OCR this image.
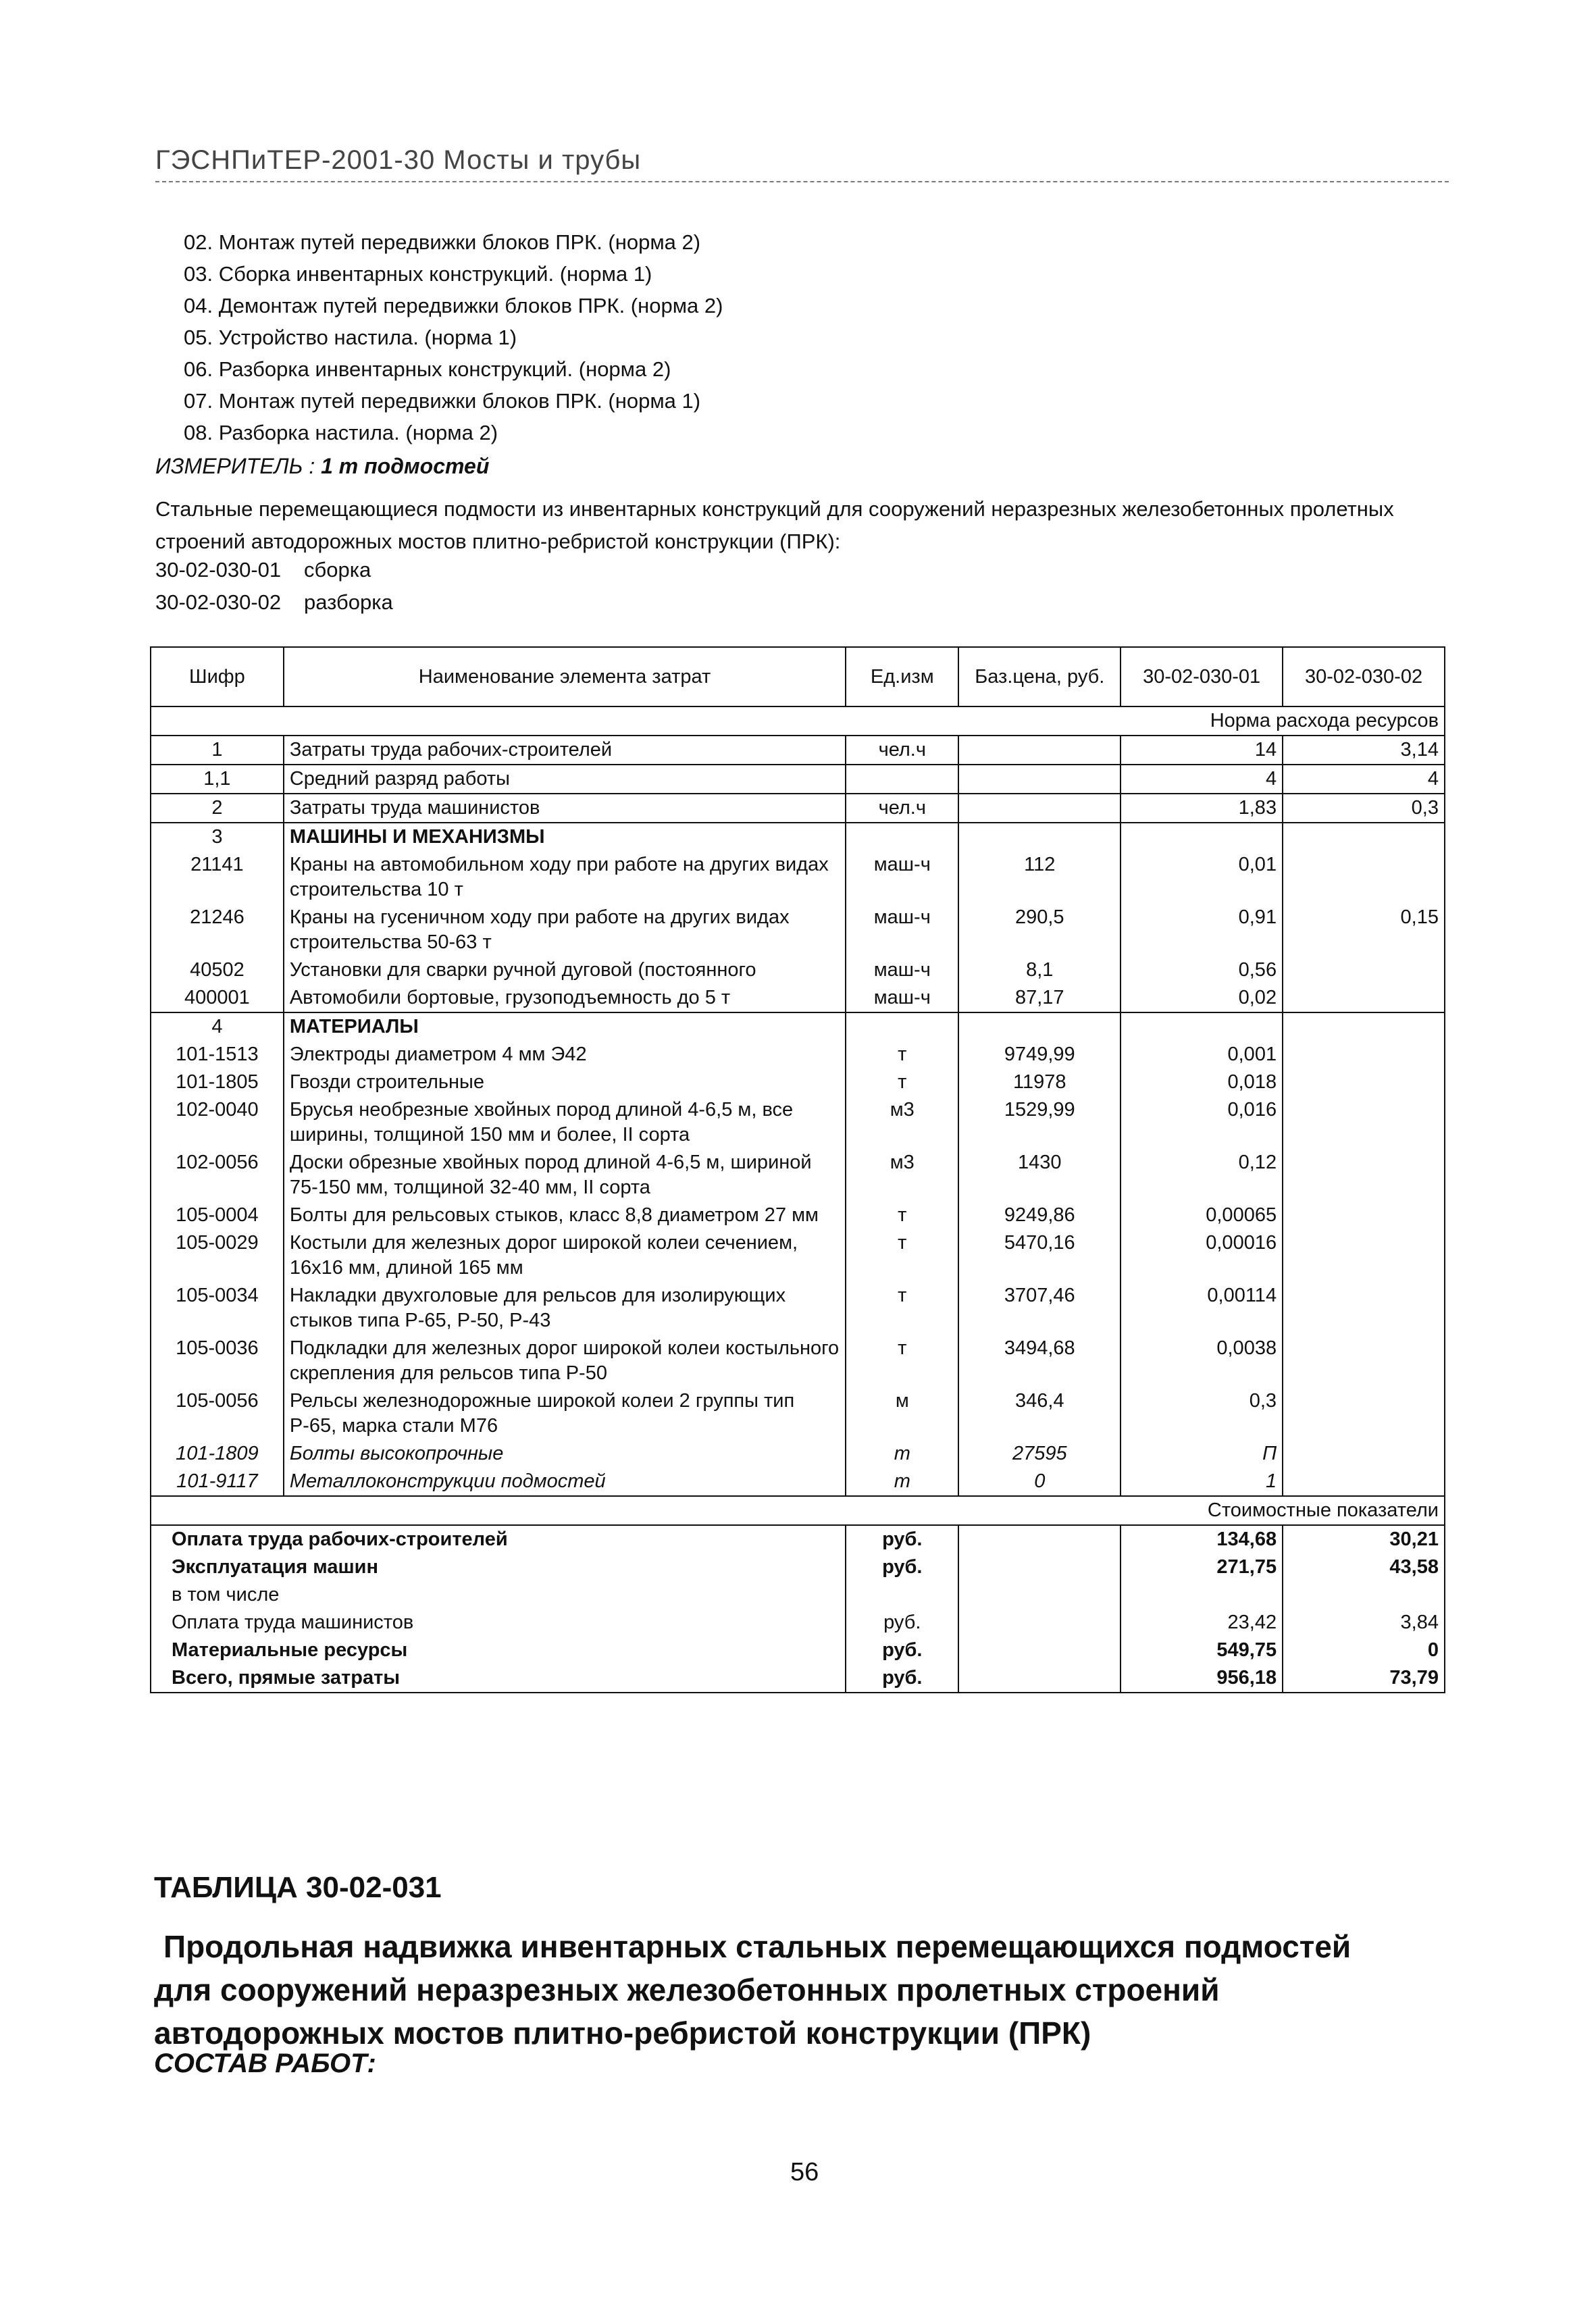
ГЭСНПиТЕР-2001-30 Мосты и трубы
02. Монтаж путей передвижки блоков ПРК. (норма 2)
03. Сборка инвентарных конструкций. (норма 1)
04. Демонтаж путей передвижки блоков ПРК. (норма 2)
05. Устройство настила. (норма 1)
06. Разборка инвентарных конструкций. (норма 2)
07. Монтаж путей передвижки блоков ПРК. (норма 1)
08. Разборка настила. (норма 2)
ИЗМЕРИТЕЛЬ : 1 т подмостей

Стальные перемещающиеся подмости из инвентарных конструкций для сооружений неразрезных железобетонных пролетных строений автодорожных мостов плитно-ребристой конструкции (ПРК):

30-02-030-01 сборка
30-02-030-02 разборка
Шифр	Наименование элемента затрат	Ед.изм	Баз.цена, руб.	30-02-030-01	30-02-030-02
Норма расхода ресурсов					
1	Затраты труда рабочих-строителей	чел.ч		14	3,14
1,1	Средний разряд работы			4	4
2	Затраты труда машинистов	чел.ч		1,83	0,3
3	МАШИНЫ И МЕХАНИЗМЫ				
21141	Краны на автомобильном ходу при работе на других видах строительства 10 т	маш-ч	112	0,01	
21246	Краны на гусеничном ходу при работе на других видах строительства 50-63 т	маш-ч	290,5	0,91	0,15
40502	Установки для сварки ручной дуговой (постоянного	маш-ч	8,1	0,56	
400001	Автомобили бортовые, грузоподъемность до 5 т	маш-ч	87,17	0,02	
4	МАТЕРИАЛЫ				
101-1513	Электроды диаметром 4 мм Э42	т	9749,99	0,001	
101-1805	Гвозди строительные	т	11978	0,018	
102-0040	Брусья необрезные хвойных пород длиной 4-6,5 м, все ширины, толщиной 150 мм и более, II сорта	м3	1529,99	0,016	
102-0056	Доски обрезные хвойных пород длиной 4-6,5 м, шириной 75-150 мм, толщиной 32-40 мм, II сорта	м3	1430	0,12	
105-0004	Болты для рельсовых стыков, класс 8,8 диаметром 27 мм	т	9249,86	0,00065	
105-0029	Костыли для железных дорог широкой колеи сечением, 16x16 мм, длиной 165 мм	т	5470,16	0,00016	
105-0034	Накладки двухголовые для рельсов для изолирующих стыков типа Р-65, Р-50, Р-43	т	3707,46	0,00114	
105-0036	Подкладки для железных дорог широкой колеи костыльного скрепления для рельсов типа Р-50	т	3494,68	0,0038	
105-0056	Рельсы железнодорожные широкой колеи 2 группы тип Р-65, марка стали М76	м	346,4	0,3	
101-1809	Болты высокопрочные	т	27595	П	
101-9117	Металлоконструкции подмостей	т	0	1	
Стоимостные показатели					
Оплата труда рабочих-строителей		руб.		134,68	30,21
Эксплуатация машин		руб.		271,75	43,58
в том числе					
Оплата труда машинистов		руб.		23,42	3,84
Материальные ресурсы		руб.		549,75	0
Всего, прямые затраты		руб.		956,18	73,79
ТАБЛИЦА 30-02-031

Продольная надвижка инвентарных стальных перемещающихся подмостей
для сооружений неразрезных железобетонных пролетных строений
автодорожных мостов плитно-ребристой конструкции (ПРК)

СОСТАВ РАБОТ:
56
